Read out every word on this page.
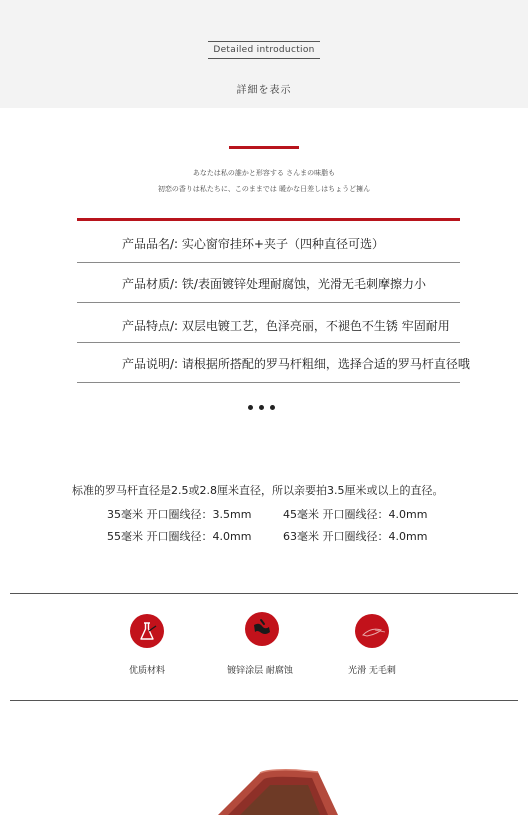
Detailed introduction
詳細を表示
あなたは私の誰かと形容する さんまの味脂も
初恋の香りは私たちに、このままでは 暖かな日差しはちょうど擁ん
产品品名/: 实心窗帘挂环+夹子（四种直径可选）
产品材质/: 铁/表面镀锌处理耐腐蚀，光滑无毛刺摩擦力小
产品特点/: 双层电镀工艺，色泽亮丽，不褪色不生锈 牢固耐用
产品说明/: 请根据所搭配的罗马杆粗细，选择合适的罗马杆直径哦
标准的罗马杆直径是2.5或2.8厘米直径，所以亲要拍3.5厘米或以上的直径。
35毫米 开口圈线径：3.5mm	45毫米 开口圈线径：4.0mm
55毫米 开口圈线径：4.0mm	63毫米 开口圈线径：4.0mm
优质材料	镀锌涂层 耐腐蚀	光滑 无毛刺
